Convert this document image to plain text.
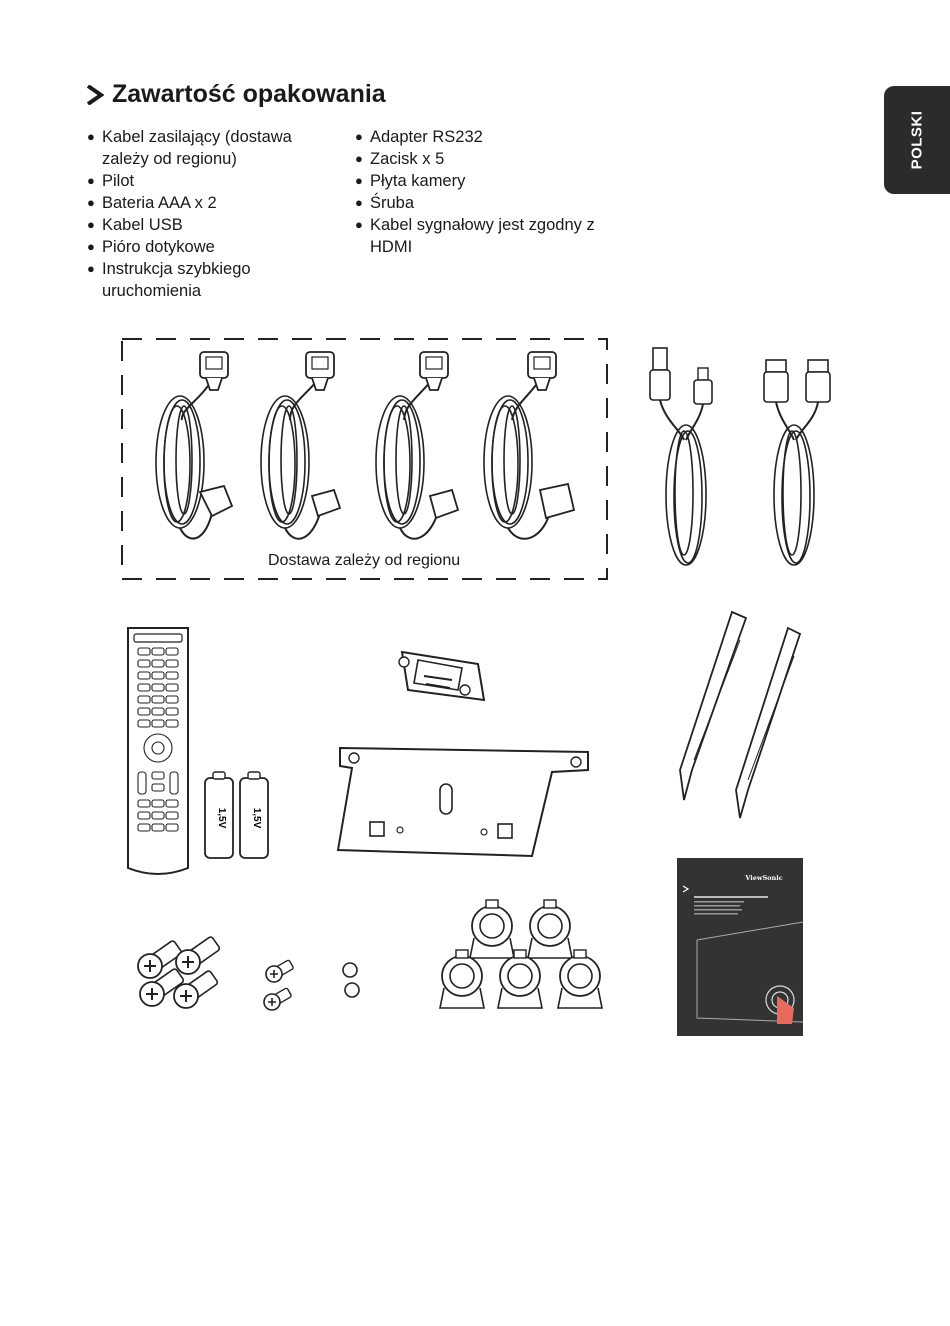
POLSKI
Zawartość opakowania
● Kabel zasilający (dostawa zależy od regionu)
● Pilot
● Bateria AAA x 2
● Kabel USB
● Pióro dotykowe
● Instrukcja szybkiego uruchomienia
● Adapter RS232
● Zacisk x 5
● Płyta kamery
● Śruba
● Kabel sygnałowy jest zgodny z HDMI
1,5V 1,5V
ViewSonic
Dostawa zależy od regionu
